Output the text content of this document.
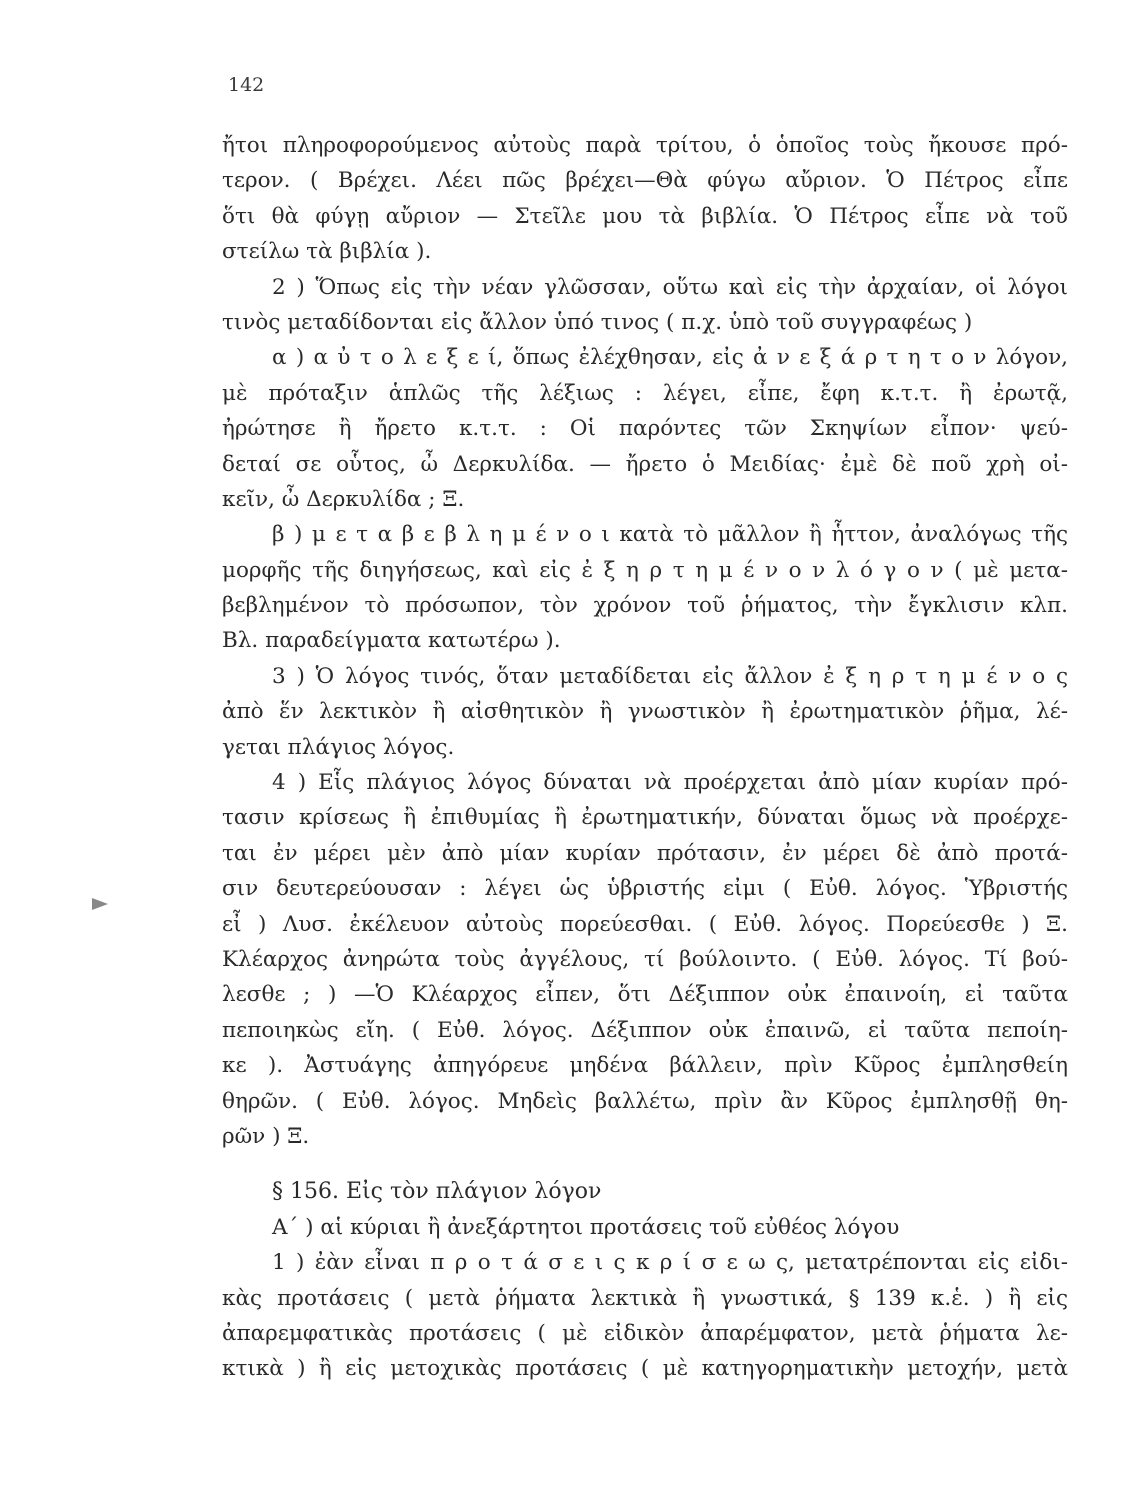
142
ἤτοι πληροφορούμενος αὐτοὺς παρὰ τρίτου, ὁ ὁποῖος τοὺς ἤκουσε πρό-
τερον. ( Βρέχει. Λέει πῶς βρέχει—Θὰ φύγω αὔριον. Ὁ Πέτρος εἶπε
ὅτι θὰ φύγῃ αὔριον — Στεῖλε μου τὰ βιβλία. Ὁ Πέτρος εἶπε νὰ τοῦ
στείλω τὰ βιβλία ).
2 ) Ὅπως εἰς τὴν νέαν γλῶσσαν, οὕτω καὶ εἰς τὴν ἀρχαίαν, οἱ λόγοι
τινὸς μεταδίδονται εἰς ἄλλον ὑπό τινος ( π.χ. ὑπὸ τοῦ συγγραφέως )
α ) α ὐ τ ο λ ε ξ ε ί, ὅπως ἐλέχθησαν, εἰς ἀ ν ε ξ ά ρ τ η τ ο ν λόγον,
μὲ πρόταξιν ἁπλῶς τῆς λέξιως : λέγει, εἶπε, ἔφη κ.τ.τ. ἢ ἐρωτᾷ,
ἠρώτησε ἢ ἤρετο κ.τ.τ. : Οἱ παρόντες τῶν Σκηψίων εἶπον· ψεύ-
δεταί σε οὗτος, ὦ Δερκυλίδα. — ἤρετο ὁ Μειδίας· ἐμὲ δὲ ποῦ χρὴ οἰ-
κεῖν, ὦ Δερκυλίδα ; Ξ.
β ) μ ε τ α β ε β λ η μ έ ν ο ι κατὰ τὸ μᾶλλον ἢ ἧττον, ἀναλόγως τῆς
μορφῆς τῆς διηγήσεως, καὶ εἰς ἐ ξ η ρ τ η μ έ ν ο ν λ ό γ ο ν ( μὲ μετα-
βεβλημένον τὸ πρόσωπον, τὸν χρόνον τοῦ ῥήματος, τὴν ἔγκλισιν κλπ.
Βλ. παραδείγματα κατωτέρω ).
3 ) Ὁ λόγος τινός, ὅταν μεταδίδεται εἰς ἄλλον ἐ ξ η ρ τ η μ έ ν ο ς
ἀπὸ ἕν λεκτικὸν ἢ αἰσθητικὸν ἢ γνωστικὸν ἢ ἐρωτηματικὸν ῥῆμα, λέ-
γεται πλάγιος λόγος.
4 ) Εἷς πλάγιος λόγος δύναται νὰ προέρχεται ἀπὸ μίαν κυρίαν πρό-
τασιν κρίσεως ἢ ἐπιθυμίας ἢ ἐρωτηματικήν, δύναται ὅμως νὰ προέρχε-
ται ἐν μέρει μὲν ἀπὸ μίαν κυρίαν πρότασιν, ἐν μέρει δὲ ἀπὸ προτά-
σιν δευτερεύουσαν : λέγει ὡς ὑβριστής εἰμι ( Εὐθ. λόγος. Ὑβριστής
εἶ ) Λυσ. ἐκέλευον αὐτοὺς πορεύεσθαι. ( Εὐθ. λόγος. Πορεύεσθε ) Ξ.
Κλέαρχος ἀνηρώτα τοὺς ἀγγέλους, τί βούλοιντο. ( Εὐθ. λόγος. Τί βού-
λεσθε ; ) —Ὁ Κλέαρχος εἶπεν, ὅτι Δέξιππον οὐκ ἐπαινοίη, εἰ ταῦτα
πεποιηκὼς εἴη. ( Εὐθ. λόγος. Δέξιππον οὐκ ἐπαινῶ, εἰ ταῦτα πεποίη-
κε ). Ἀστυάγης ἀπηγόρευε μηδένα βάλλειν, πρὶν Κῦρος ἐμπλησθείη
θηρῶν. ( Εὐθ. λόγος. Μηδεὶς βαλλέτω, πρὶν ἂν Κῦρος ἐμπλησθῇ θη-
ρῶν ) Ξ.
§ 156. Εἰς τὸν πλάγιον λόγον
Α΄ ) αἱ κύριαι ἢ ἀνεξάρτητοι προτάσεις τοῦ εὐθέος λόγου
1 ) ἐὰν εἶναι π ρ ο τ ά σ ε ι ς κ ρ ί σ ε ω ς, μετατρέπονται εἰς εἰδι-
κὰς προτάσεις ( μετὰ ῥήματα λεκτικὰ ἢ γνωστικά, § 139 κ.ἑ. ) ἢ εἰς
ἀπαρεμφατικὰς προτάσεις ( μὲ εἰδικὸν ἀπαρέμφατον, μετὰ ῥήματα λε-
κτικὰ ) ἢ εἰς μετοχικὰς προτάσεις ( μὲ κατηγορηματικὴν μετοχήν, μετὰ
